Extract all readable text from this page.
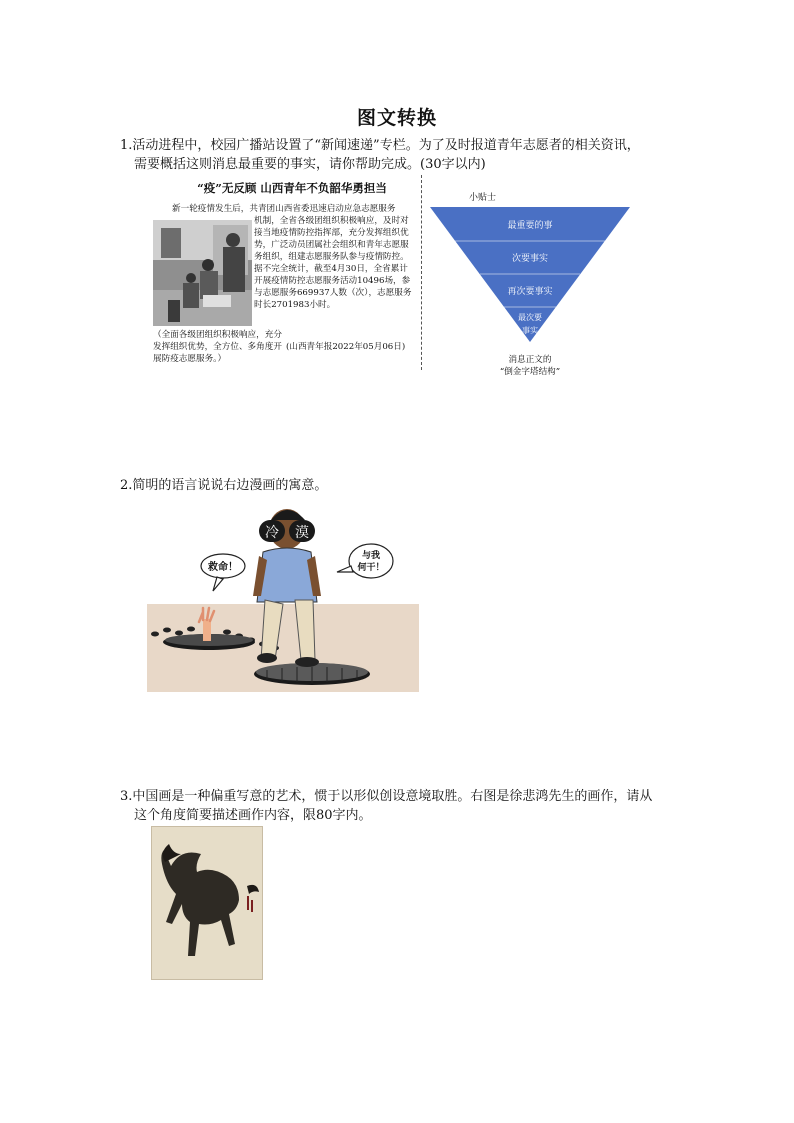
图文转换
1.活动进程中，校园广播站设置了“新闻速递”专栏。为了及时报道青年志愿者的相关资讯，
需要概括这则消息最重要的事实，请你帮助完成。(30字以内)
“疫”无反顾 山西青年不负韶华勇担当
新一轮疫情发生后，共青团山西省委迅速启动应急志愿服务
机制，全省各级团组织积极响应，及时对接当地疫情防控指挥部，充分发挥组织优势，广泛动员团属社会组织和青年志愿服务组织，组建志愿服务队参与疫情防控。据不完全统计，截至4月30日，全省累计开展疫情防控志愿服务活动10496场，参与志愿服务669937人数（次），志愿服务时长2701983小时。
（全面各级团组织积极响应，充分发挥组织优势，全方位、多角度开展防疫志愿服务。）
(山西青年报2022年05月06日)
小贴士
最重要的事
次要事实
再次要事实
最次要
事实
消息正文的
“倒金字塔结构”
2.简明的语言说说右边漫画的寓意。
冷 漠
救命！
与我
何干！
3.中国画是一种偏重写意的艺术，惯于以形似创设意境取胜。右图是徐悲鸿先生的画作，请从
这个角度简要描述画作内容，限80字内。
